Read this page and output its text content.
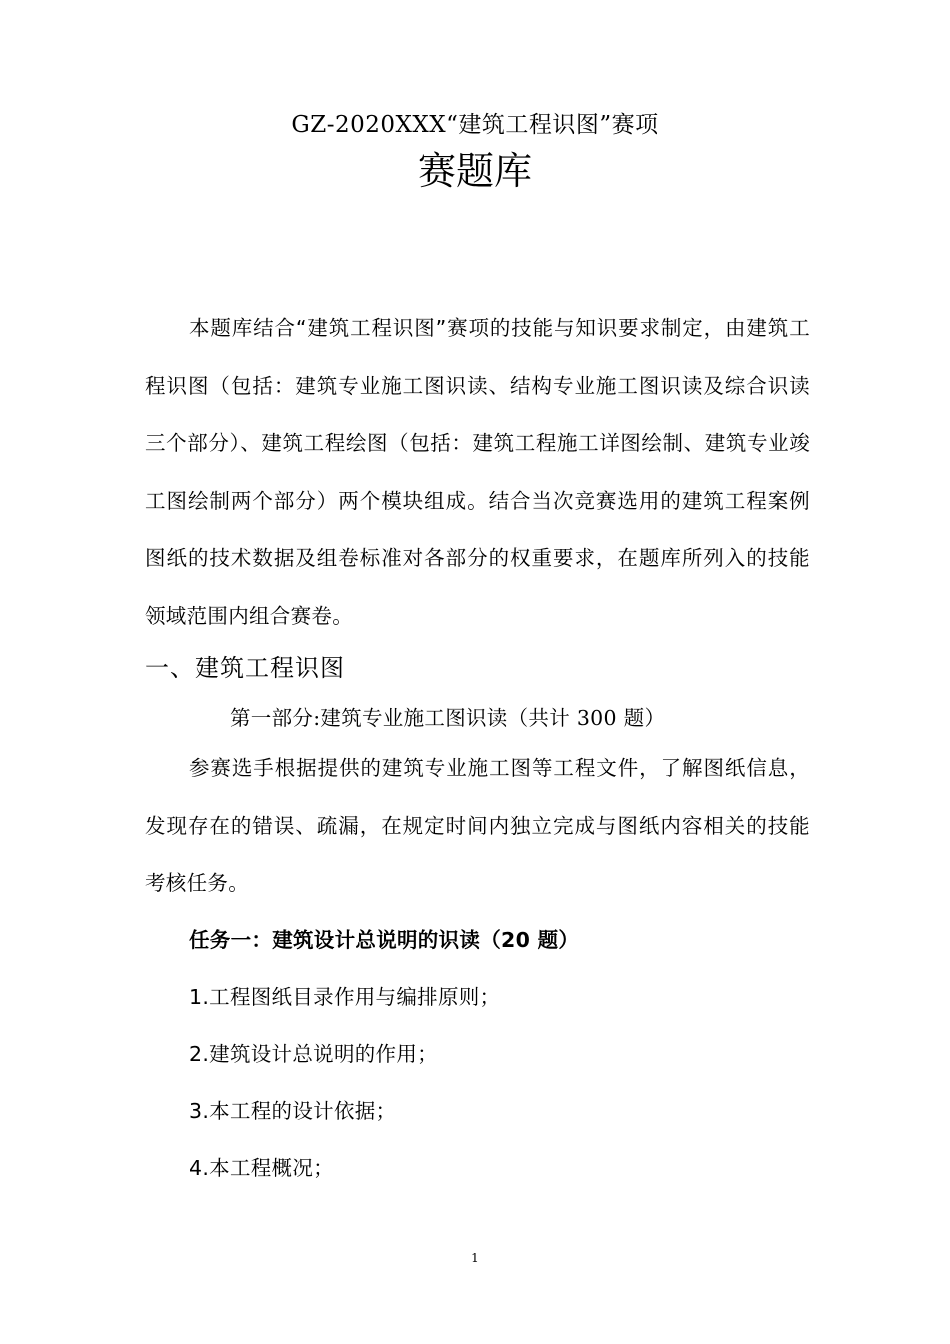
GZ-2020XXX“建筑工程识图”赛项
赛题库

本题库结合“建筑工程识图”赛项的技能与知识要求制定，由建筑工程识图（包括：建筑专业施工图识读、结构专业施工图识读及综合识读三个部分）、建筑工程绘图（包括：建筑工程施工详图绘制、建筑专业竣工图绘制两个部分）两个模块组成。结合当次竞赛选用的建筑工程案例图纸的技术数据及组卷标准对各部分的权重要求，在题库所列入的技能领域范围内组合赛卷。

一、建筑工程识图
第一部分:建筑专业施工图识读（共计 300 题）

参赛选手根据提供的建筑专业施工图等工程文件，了解图纸信息，发现存在的错误、疏漏，在规定时间内独立完成与图纸内容相关的技能考核任务。

任务一：建筑设计总说明的识读（20 题）
1.工程图纸目录作用与编排原则；
2.建筑设计总说明的作用；
3.本工程的设计依据；
4.本工程概况；
1
